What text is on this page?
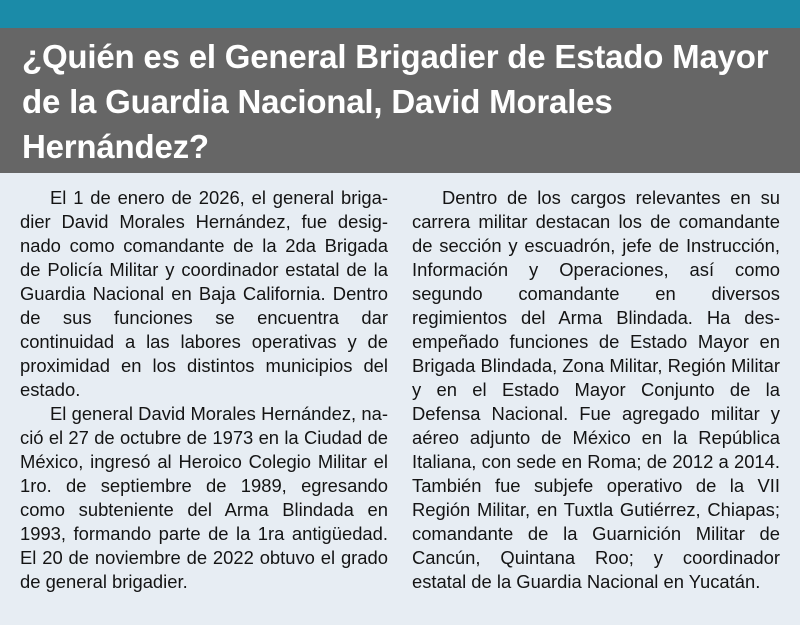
¿Quién es el General Brigadier de Estado Mayor de la Guardia Nacional, David Morales Hernández?

El 1 de enero de 2026, el general brigadier David Morales Hernández, fue designado como comandante de la 2da Brigada de Policía Militar y coordinador estatal de la Guardia Nacional en Baja California. Dentro de sus funciones se encuentra dar continuidad a las labores operativas y de proximidad en los distintos municipios del estado.

El general David Morales Hernández, nació el 27 de octubre de 1973 en la Ciudad de México, ingresó al Heroico Colegio Militar el 1ro. de septiembre de 1989, egresando como subteniente del Arma Blindada en 1993, formando parte de la 1ra antigüedad. El 20 de noviembre de 2022 obtuvo el grado de general brigadier.

Dentro de los cargos relevantes en su carrera militar destacan los de comandante de sección y escuadrón, jefe de Instrucción, Información y Operaciones, así como segundo comandante en diversos regimientos del Arma Blindada. Ha desempeñado funciones de Estado Mayor en Brigada Blindada, Zona Militar, Región Militar y en el Estado Mayor Conjunto de la Defensa Nacional. Fue agregado militar y aéreo adjunto de México en la República Italiana, con sede en Roma; de 2012 a 2014. También fue subjefe operativo de la VII Región Militar, en Tuxtla Gutiérrez, Chiapas; comandante de la Guarnición Militar de Cancún, Quintana Roo; y coordinador estatal de la Guardia Nacional en Yucatán.
